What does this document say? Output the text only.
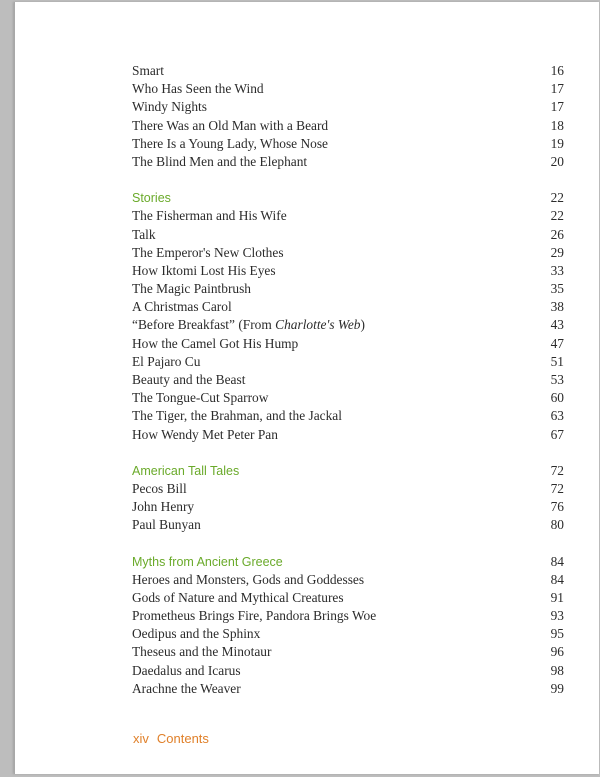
Smart	16
Who Has Seen the Wind	17
Windy Nights	17
There Was an Old Man with a Beard	18
There Is a Young Lady, Whose Nose	19
The Blind Men and the Elephant	20
Stories	22
The Fisherman and His Wife	22
Talk	26
The Emperor's New Clothes	29
How Iktomi Lost His Eyes	33
The Magic Paintbrush	35
A Christmas Carol	38
“Before Breakfast” (From Charlotte's Web)	43
How the Camel Got His Hump	47
El Pajaro Cu	51
Beauty and the Beast	53
The Tongue-Cut Sparrow	60
The Tiger, the Brahman, and the Jackal	63
How Wendy Met Peter Pan	67
American Tall Tales	72
Pecos Bill	72
John Henry	76
Paul Bunyan	80
Myths from Ancient Greece	84
Heroes and Monsters, Gods and Goddesses	84
Gods of Nature and Mythical Creatures	91
Prometheus Brings Fire, Pandora Brings Woe	93
Oedipus and the Sphinx	95
Theseus and the Minotaur	96
Daedalus and Icarus	98
Arachne the Weaver	99
xiv Contents
